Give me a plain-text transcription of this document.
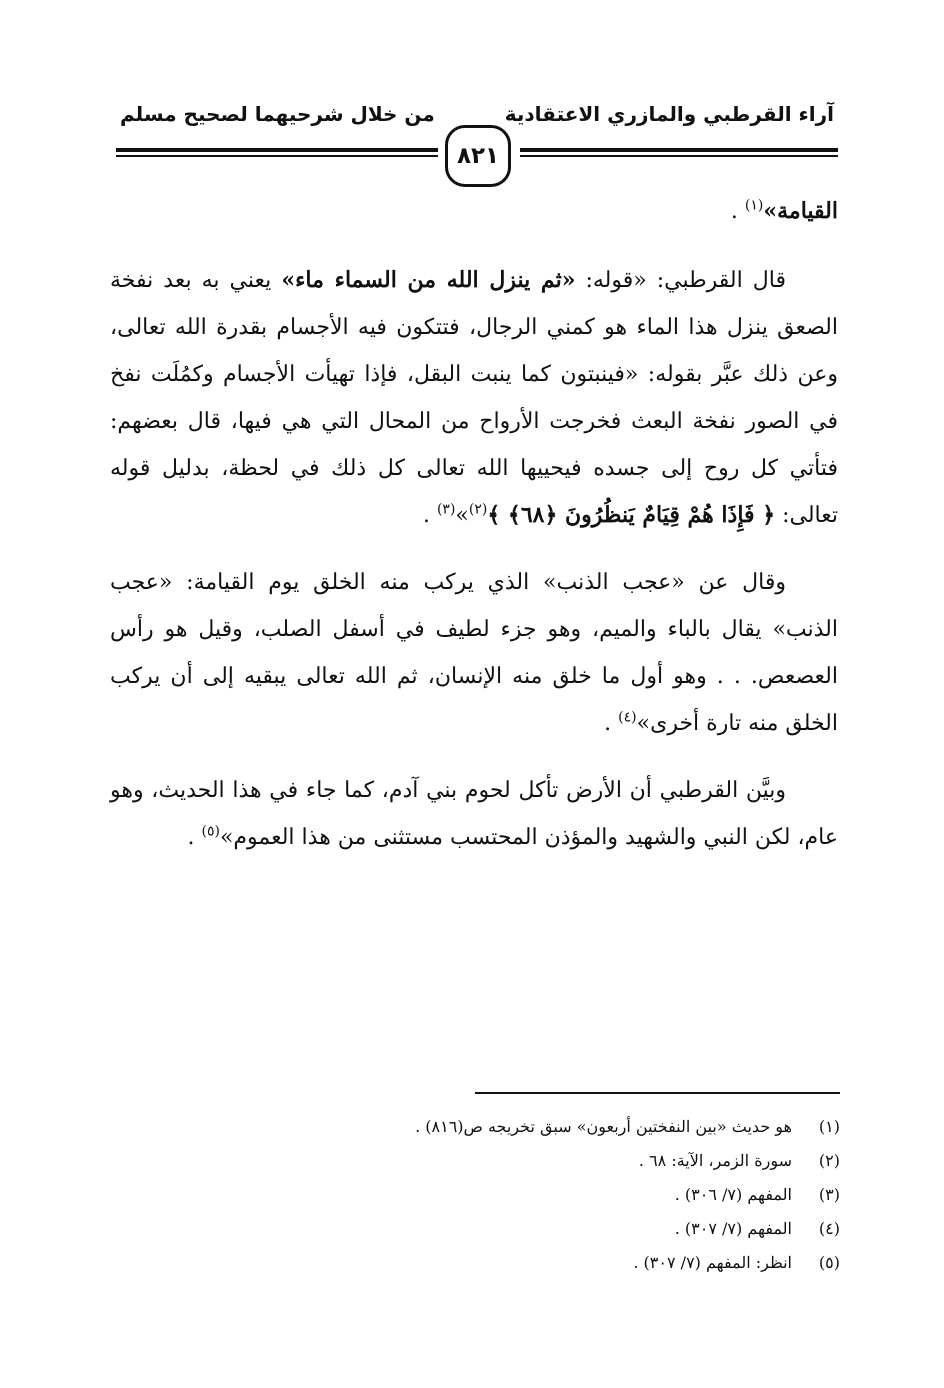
آراء القرطبي والمازري الاعتقادية
من خلال شرحيهما لصحيح مسلم
٨٢١

القيامة»$^{(١)}$ .

قال القرطبي: «قوله: «ثم ينزل الله من السماء ماء» يعني به بعد نفخة الصعق ينزل هذا الماء هو كمني الرجال، فتتكون فيه الأجسام بقدرة الله تعالى، وعن ذلك عبَّر بقوله: «فينبتون كما ينبت البقل، فإذا تهيأت الأجسام وكمُلَت نفخ في الصور نفخة البعث فخرجت الأرواح من المحال التي هي فيها، قال بعضهم: فتأتي كل روح إلى جسده فيحييها الله تعالى كل ذلك في لحظة، بدليل قوله تعالى: ﴿ فَإِذَا هُمْ قِيَامٌ يَنظُرُونَ ﴿٦٨﴾ ﴾$^{(٢)}$»$^{(٣)}$ .

وقال عن «عجب الذنب» الذي يركب منه الخلق يوم القيامة: «عجب الذنب» يقال بالباء والميم، وهو جزء لطيف في أسفل الصلب، وقيل هو رأس العصعص. . . وهو أول ما خلق منه الإنسان، ثم الله تعالى يبقيه إلى أن يركب الخلق منه تارة أخرى»$^{(٤)}$ .

وبيَّن القرطبي أن الأرض تأكل لحوم بني آدم، كما جاء في هذا الحديث، وهو عام، لكن النبي والشهيد والمؤذن المحتسب مستثنى من هذا العموم»$^{(٥)}$ .

(١)
هو حديث «بين النفختين أربعون» سبق تخريجه ص(٨١٦) .
(٢)
سورة الزمر، الآية: ٦٨ .
(٣)
المفهم (٧/ ٣٠٦) .
(٤)
المفهم (٧/ ٣٠٧) .
(٥)
انظر: المفهم (٧/ ٣٠٧) .
